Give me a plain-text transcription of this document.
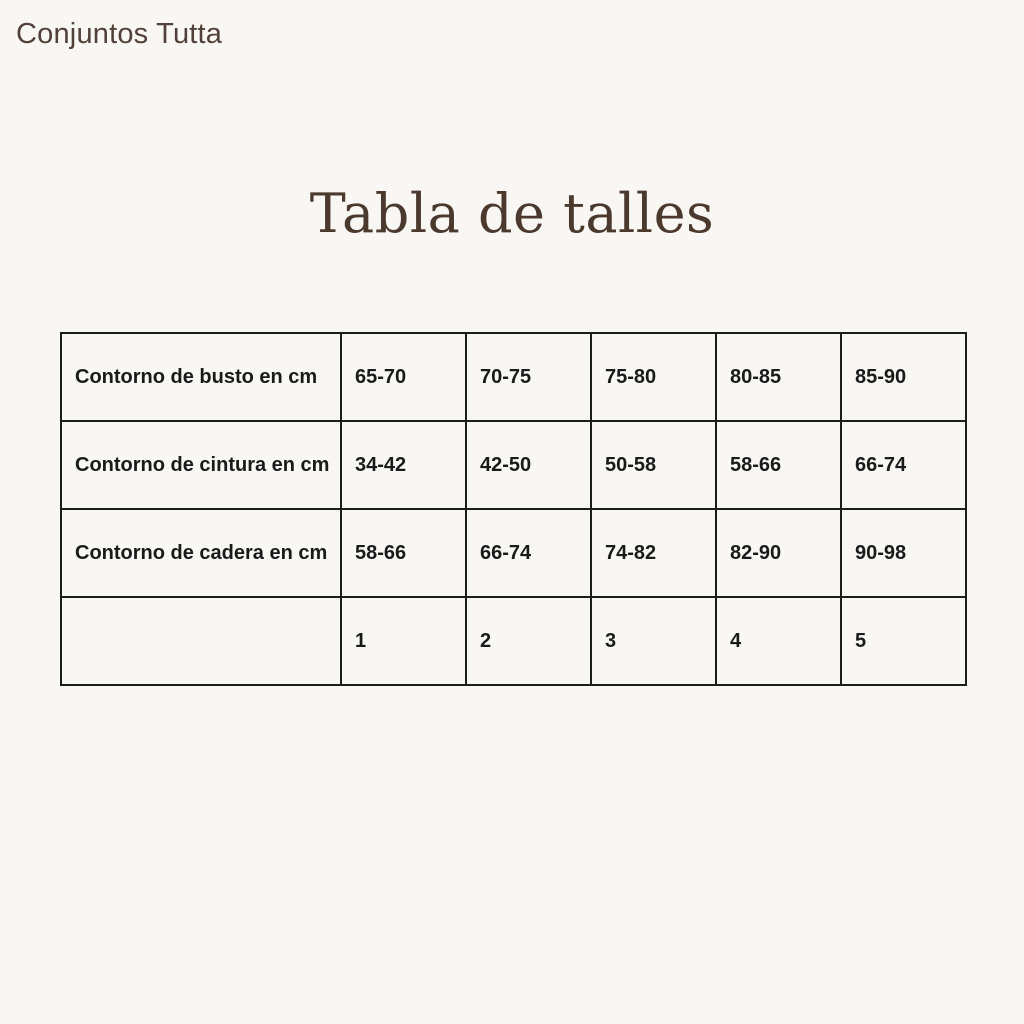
Conjuntos Tutta
Tabla de talles
Contorno de busto en cm	65-70	70-75	75-80	80-85	85-90
Contorno de cintura en cm	34-42	42-50	50-58	58-66	66-74
Contorno de cadera en cm	58-66	66-74	74-82	82-90	90-98
	1	2	3	4	5
